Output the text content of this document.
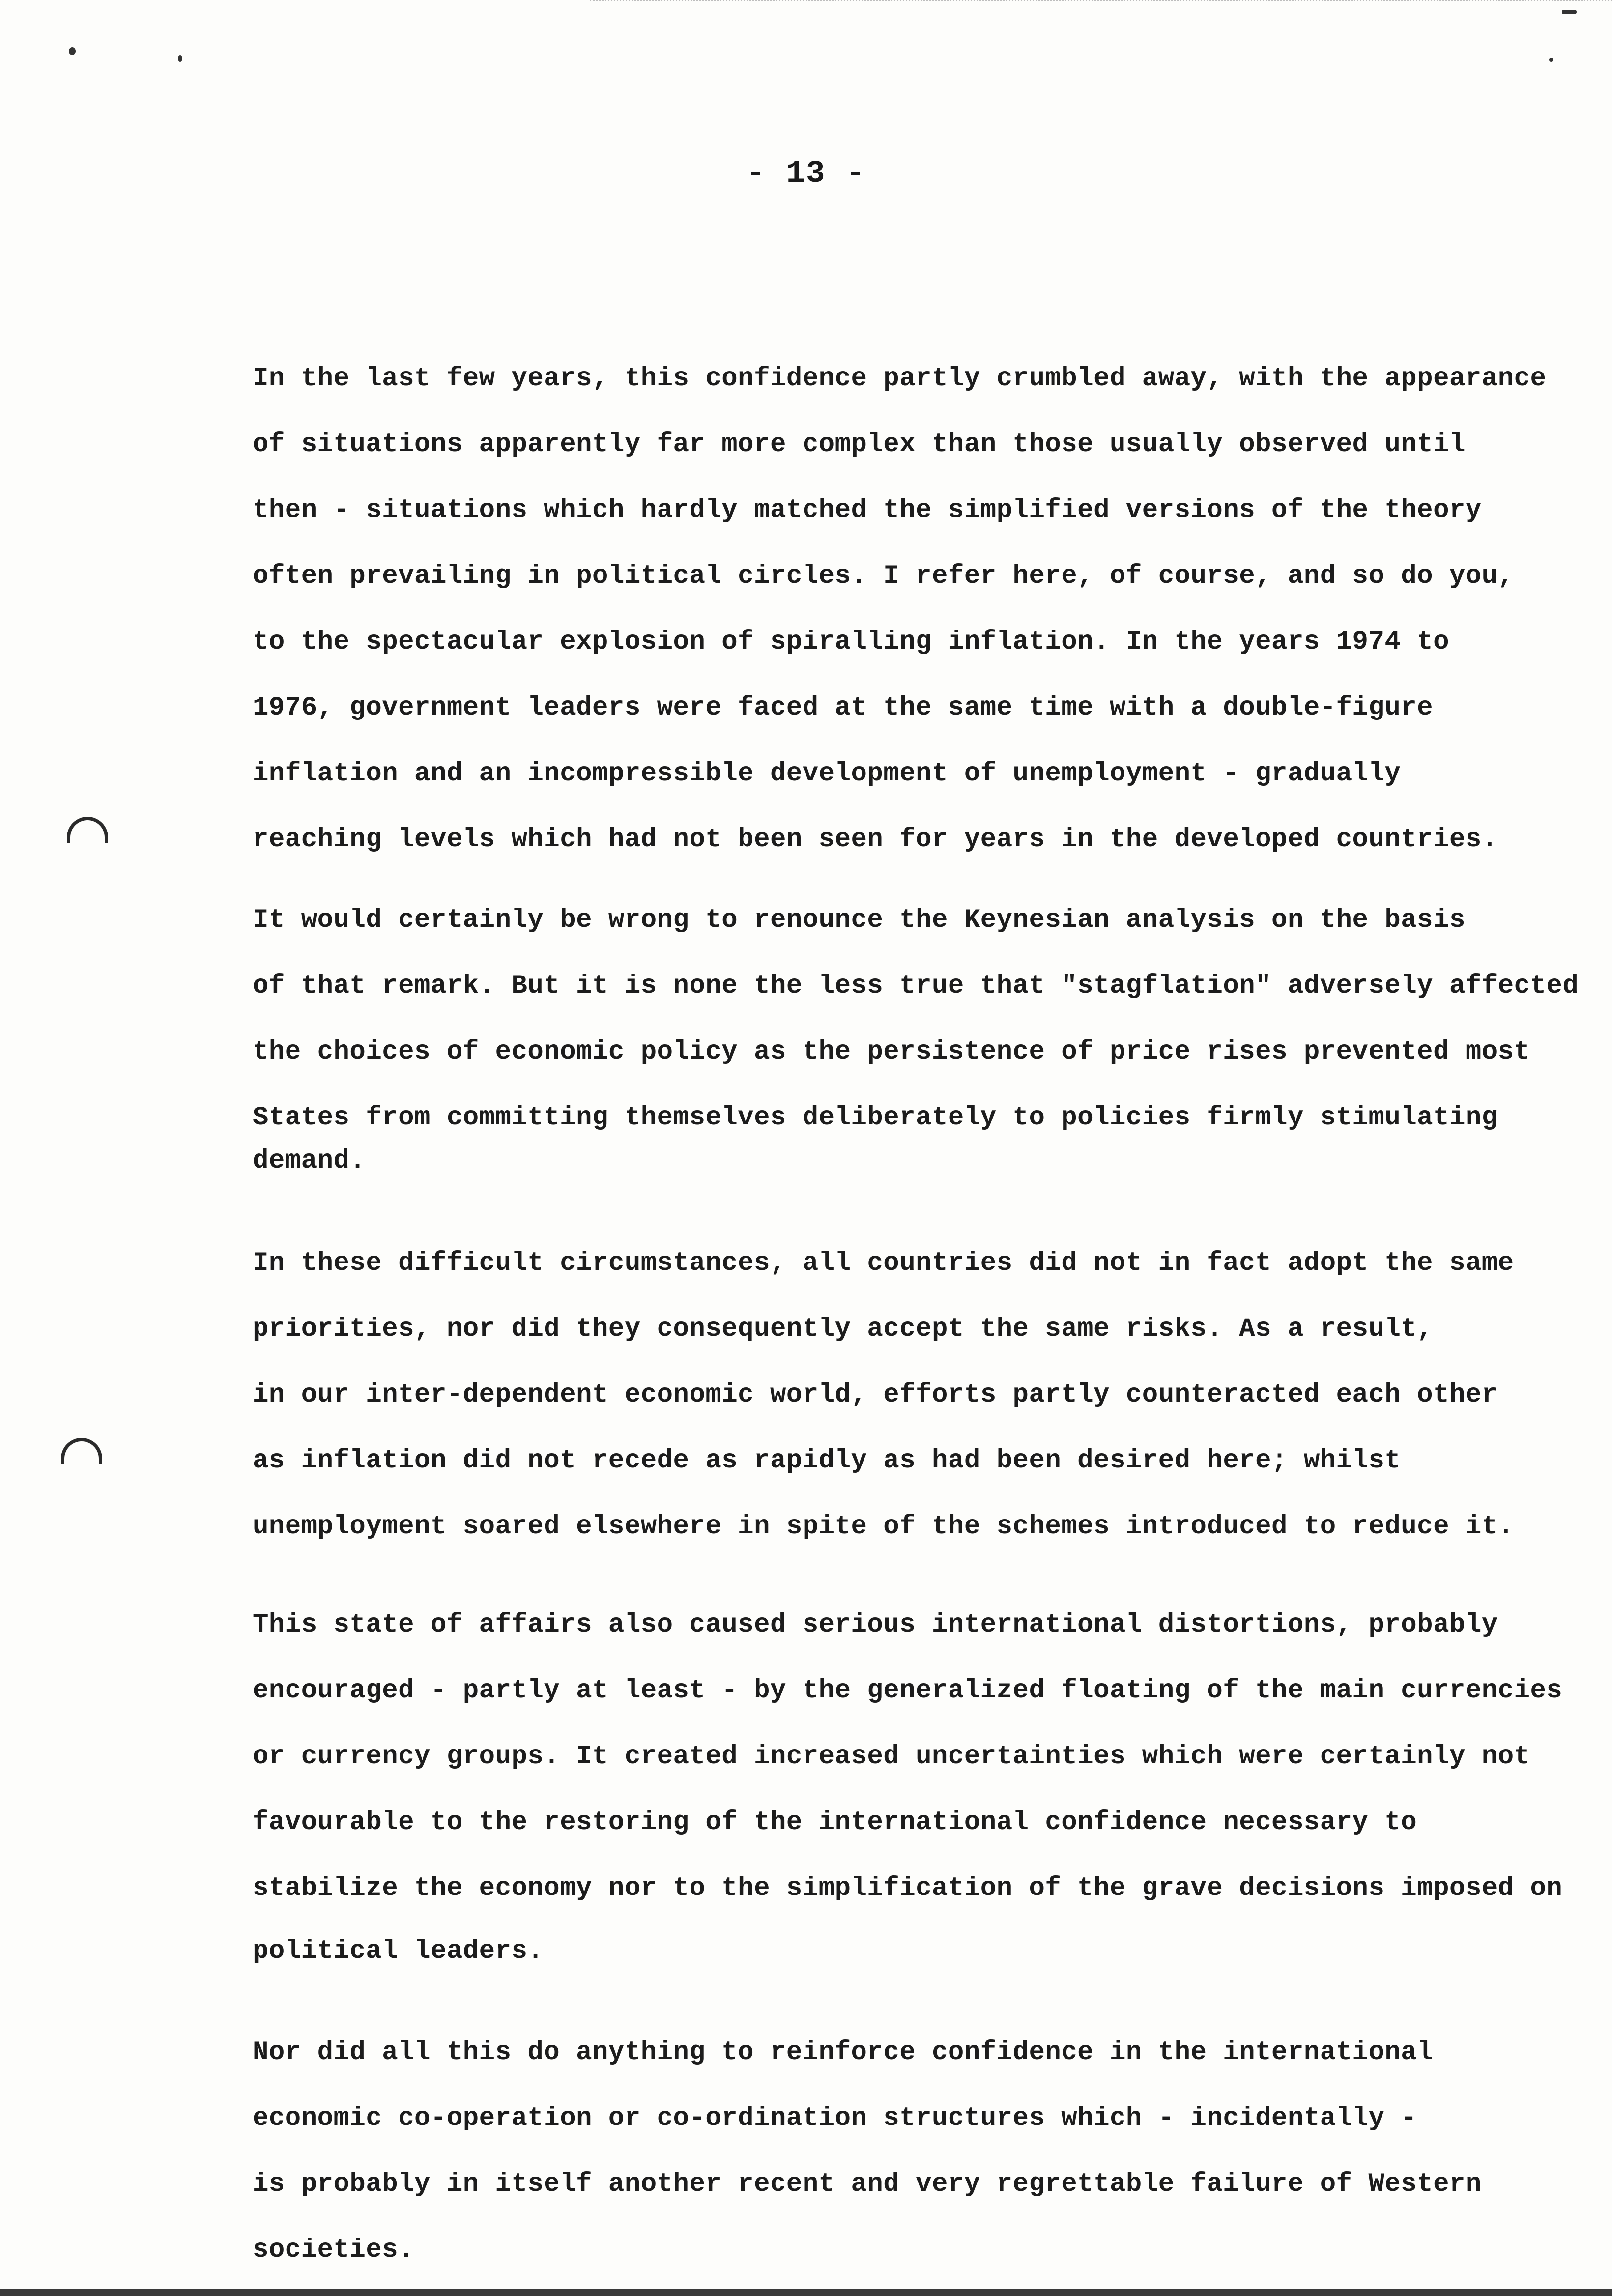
- 13 -
In the last few years, this confidence partly crumbled away, with the appearance
of situations apparently far more complex than those usually observed until
then - situations which hardly matched the simplified versions of the theory
often prevailing in political circles. I refer here, of course, and so do you,
to the spectacular explosion of spiralling inflation. In the years 1974 to
1976, government leaders were faced at the same time with a double-figure
inflation and an incompressible development of unemployment - gradually
reaching levels which had not been seen for years in the developed countries.
It would certainly be wrong to renounce the Keynesian analysis on the basis
of that remark. But it is none the less true that "stagflation" adversely affected
the choices of economic policy as the persistence of price rises prevented most
States from committing themselves deliberately to policies firmly stimulating
demand.
In these difficult circumstances, all countries did not in fact adopt the same
priorities, nor did they consequently accept the same risks. As a result,
in our inter-dependent economic world, efforts partly counteracted each other
as inflation did not recede as rapidly as had been desired here; whilst
unemployment soared elsewhere in spite of the schemes introduced to reduce it.
This state of affairs also caused serious international distortions, probably
encouraged - partly at least - by the generalized floating of the main currencies
or currency groups. It created increased uncertainties which were certainly not
favourable to the restoring of the international confidence necessary to
stabilize the economy nor to the simplification of the grave decisions imposed on
political leaders.
Nor did all this do anything to reinforce confidence in the international
economic co-operation or co-ordination structures which - incidentally -
is probably in itself another recent and very regrettable failure of Western
societies.
